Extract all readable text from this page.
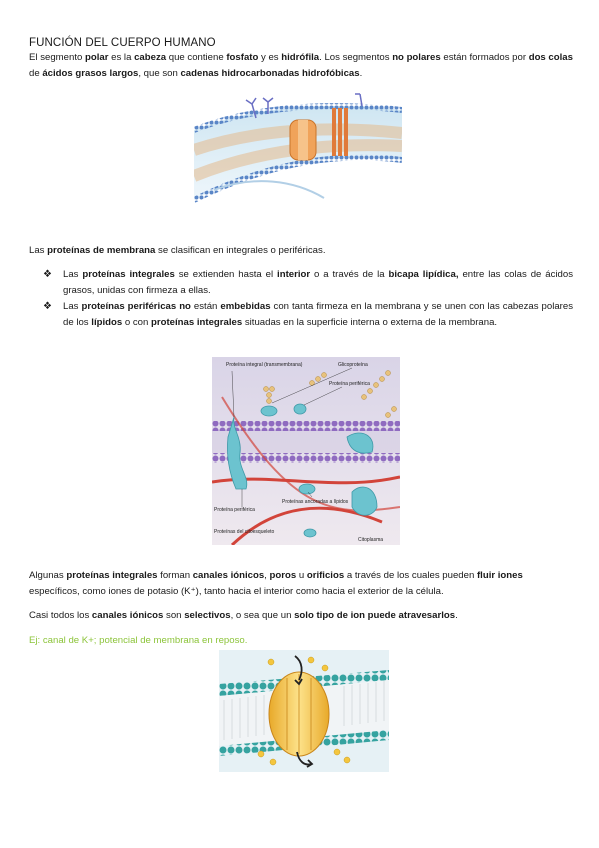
FUNCIÓN DEL CUERPO HUMANO
El segmento polar es la cabeza que contiene fosfato y es hidrófila. Los segmentos no polares están formados por dos colas de ácidos grasos largos, que son cadenas hidrocarbonadas hidrofóbicas.
Las proteínas de membrana se clasifican en integrales o periféricas.
❖	Las proteínas integrales se extienden hasta el interior o a través de la bicapa lipídica, entre las colas de ácidos grasos, unidas con firmeza a ellas.
❖	Las proteínas periféricas no están embebidas con tanta firmeza en la membrana y se unen con las cabezas polares de los lípidos o con proteínas integrales situadas en la superficie interna o externa de la membrana.
Proteína integral (transmembrana)	Glicoproteína
Proteína periférica
Proteínas ancoradas a lípidos
Proteína periférica
Proteínas del citoesqueleto
Citoplasma
Algunas proteínas integrales forman canales iónicos, poros u orificios a través de los cuales pueden fluir iones específicos, como iones de potasio (K⁺), tanto hacia el interior como hacia el exterior de la célula.
Casi todos los canales iónicos son selectivos, o sea que un solo tipo de ion puede atravesarlos.
Ej: canal de K+; potencial de membrana en reposo.
